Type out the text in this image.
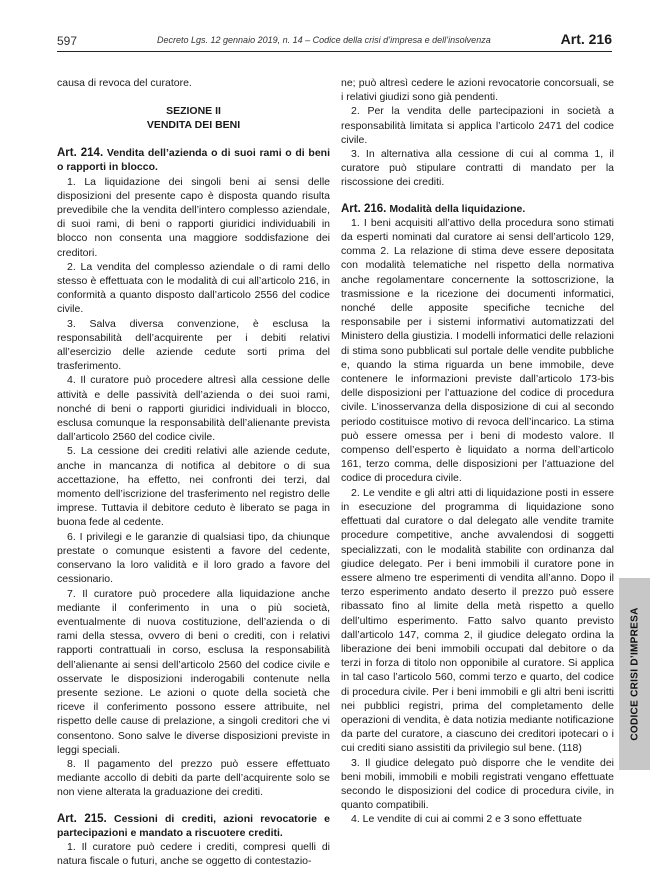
597	Decreto Lgs. 12 gennaio 2019, n. 14 – Codice della crisi d’impresa e dell’insolvenza	Art. 216

causa di revoca del curatore.

SEZIONE II
VENDITA DEI BENI

Art. 214. Vendita dell’azienda o di suoi rami o di beni o rapporti in blocco.

1. La liquidazione dei singoli beni ai sensi delle disposizioni del presente capo è disposta quando risulta prevedibile che la vendita dell’intero complesso aziendale, di suoi rami, di beni o rapporti giuridici individuabili in blocco non consenta una maggiore soddisfazione dei creditori.

2. La vendita del complesso aziendale o di rami dello stesso è effettuata con le modalità di cui all’articolo 216, in conformità a quanto disposto dall’articolo 2556 del codice civile.

3. Salva diversa convenzione, è esclusa la responsabilità dell’acquirente per i debiti relativi all’esercizio delle aziende cedute sorti prima del trasferimento.

4. Il curatore può procedere altresì alla cessione delle attività e delle passività dell’azienda o dei suoi rami, nonché di beni o rapporti giuridici individuali in blocco, esclusa comunque la responsabilità dell’alienante prevista dall’articolo 2560 del codice civile.

5. La cessione dei crediti relativi alle aziende cedute, anche in mancanza di notifica al debitore o di sua accettazione, ha effetto, nei confronti dei terzi, dal momento dell’iscrizione del trasferimento nel registro delle imprese. Tuttavia il debitore ceduto è liberato se paga in buona fede al cedente.

6. I privilegi e le garanzie di qualsiasi tipo, da chiunque prestate o comunque esistenti a favore del cedente, conservano la loro validità e il loro grado a favore del cessionario.

7. Il curatore può procedere alla liquidazione anche mediante il conferimento in una o più società, eventualmente di nuova costituzione, dell’azienda o di rami della stessa, ovvero di beni o crediti, con i relativi rapporti contrattuali in corso, esclusa la responsabilità dell’alienante ai sensi dell’articolo 2560 del codice civile e osservate le disposizioni inderogabili contenute nella presente sezione. Le azioni o quote della società che riceve il conferimento possono essere attribuite, nel rispetto delle cause di prelazione, a singoli creditori che vi consentono. Sono salve le diverse disposizioni previste in leggi speciali.

8. Il pagamento del prezzo può essere effettuato mediante accollo di debiti da parte dell’acquirente solo se non viene alterata la graduazione dei crediti.

Art. 215. Cessioni di crediti, azioni revocatorie e partecipazioni e mandato a riscuotere crediti.

1. Il curatore può cedere i crediti, compresi quelli di natura fiscale o futuri, anche se oggetto di contestazio-

ne; può altresì cedere le azioni revocatorie concorsuali, se i relativi giudizi sono già pendenti.

2. Per la vendita delle partecipazioni in società a responsabilità limitata si applica l’articolo 2471 del codice civile.

3. In alternativa alla cessione di cui al comma 1, il curatore può stipulare contratti di mandato per la riscossione dei crediti.

Art. 216. Modalità della liquidazione.

1. I beni acquisiti all’attivo della procedura sono stimati da esperti nominati dal curatore ai sensi dell’articolo 129, comma 2. La relazione di stima deve essere depositata con modalità telematiche nel rispetto della normativa anche regolamentare concernente la sottoscrizione, la trasmissione e la ricezione dei documenti informatici, nonché delle apposite specifiche tecniche del responsabile per i sistemi informativi automatizzati del Ministero della giustizia. I modelli informatici delle relazioni di stima sono pubblicati sul portale delle vendite pubbliche e, quando la stima riguarda un bene immobile, deve contenere le informazioni previste dall’articolo 173-bis delle disposizioni per l’attuazione del codice di procedura civile. L’inosservanza della disposizione di cui al secondo periodo costituisce motivo di revoca dell’incarico. La stima può essere omessa per i beni di modesto valore. Il compenso dell’esperto è liquidato a norma dell’articolo 161, terzo comma, delle disposizioni per l’attuazione del codice di procedura civile.

2. Le vendite e gli altri atti di liquidazione posti in essere in esecuzione del programma di liquidazione sono effettuati dal curatore o dal delegato alle vendite tramite procedure competitive, anche avvalendosi di soggetti specializzati, con le modalità stabilite con ordinanza dal giudice delegato. Per i beni immobili il curatore pone in essere almeno tre esperimenti di vendita all’anno. Dopo il terzo esperimento andato deserto il prezzo può essere ribassato fino al limite della metà rispetto a quello dell’ultimo esperimento. Fatto salvo quanto previsto dall’articolo 147, comma 2, il giudice delegato ordina la liberazione dei beni immobili occupati dal debitore o da terzi in forza di titolo non opponibile al curatore. Si applica in tal caso l’articolo 560, commi terzo e quarto, del codice di procedura civile. Per i beni immobili e gli altri beni iscritti nei pubblici registri, prima del completamento delle operazioni di vendita, è data notizia mediante notificazione da parte del curatore, a ciascuno dei creditori ipotecari o i cui crediti siano assistiti da privilegio sul bene. (118)

3. Il giudice delegato può disporre che le vendite dei beni mobili, immobili e mobili registrati vengano effettuate secondo le disposizioni del codice di procedura civile, in quanto compatibili.

4. Le vendite di cui ai commi 2 e 3 sono effettuate

CODICE CRISI D’IMPRESA
